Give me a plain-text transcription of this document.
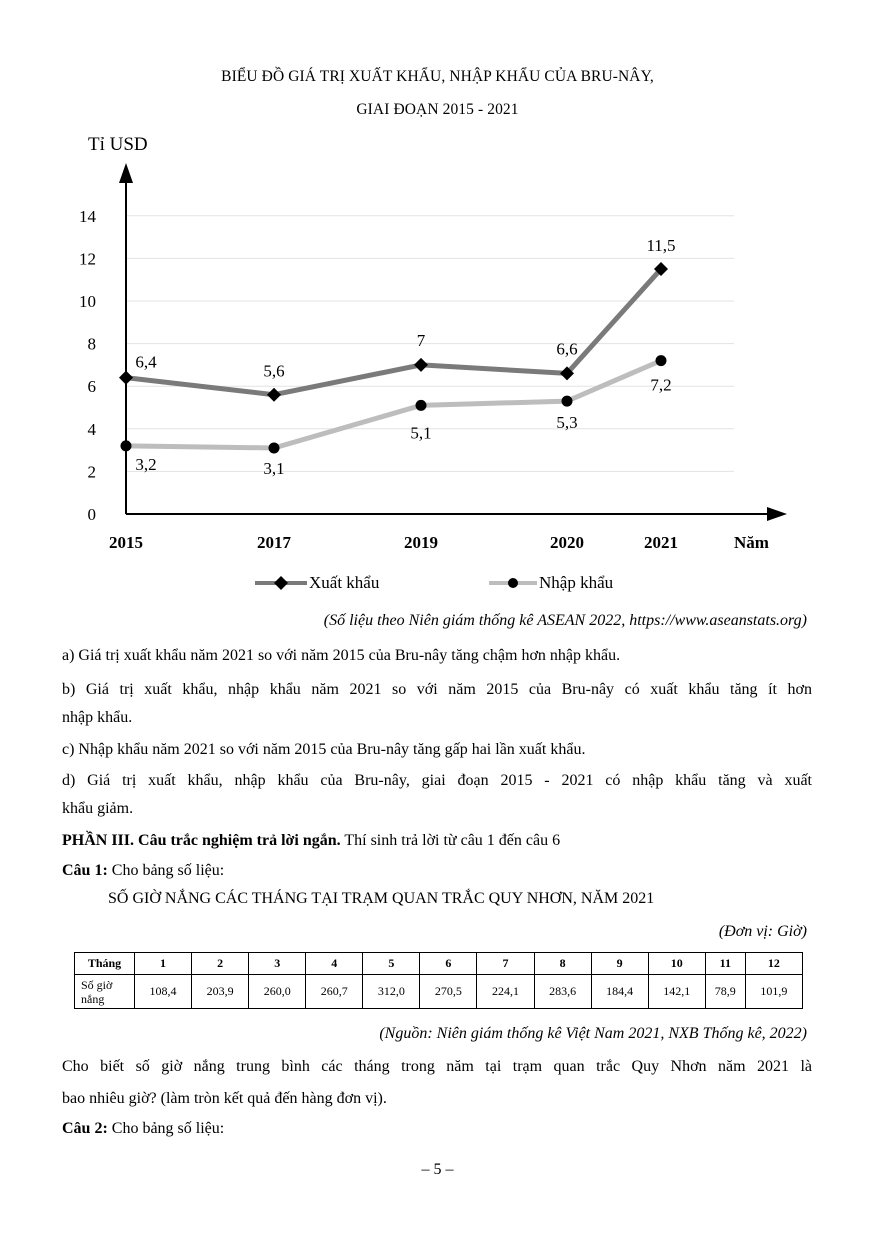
BIỂU ĐỒ GIÁ TRỊ XUẤT KHẨU, NHẬP KHẨU CỦA BRU-NÂY,
GIAI ĐOẠN 2015 - 2021
0
2
4
6
8
10
12
14
2015	2017	2019	2020	2021
6,4	5,6
7	6,6
11,5
3,2	3,1
5,1
5,3
7,2
Tỉ USD
Năm
Xuất khẩu	Nhập khẩu
(Số liệu theo Niên giám thống kê ASEAN 2022, https://www.aseanstats.org)
a) Giá trị xuất khẩu năm 2021 so với năm 2015 của Bru-nây tăng chậm hơn nhập khẩu.
b) Giá trị xuất khẩu, nhập khẩu năm 2021 so với năm 2015 của Bru-nây có xuất khẩu tăng ít hơn
nhập khẩu.
c) Nhập khẩu năm 2021 so với năm 2015 của Bru-nây tăng gấp hai lần xuất khẩu.
d) Giá trị xuất khẩu, nhập khẩu của Bru-nây, giai đoạn 2015 - 2021 có nhập khẩu tăng và xuất
khẩu giảm.
PHẦN III. Câu trắc nghiệm trả lời ngắn. Thí sinh trả lời từ câu 1 đến câu 6
Câu 1: Cho bảng số liệu:
SỐ GIỜ NẮNG CÁC THÁNG TẠI TRẠM QUAN TRẮC QUY NHƠN, NĂM 2021
(Đơn vị: Giờ)
Tháng	1	2	3	4	5	6	7	8	9	10	11	12
Số giờ nắng	108,4	203,9	260,0	260,7	312,0	270,5	224,1	283,6	184,4	142,1	78,9	101,9
(Nguồn: Niên giám thống kê Việt Nam 2021, NXB Thống kê, 2022)
Cho biết số giờ nắng trung bình các tháng trong năm tại trạm quan trắc Quy Nhơn năm 2021 là
bao nhiêu giờ? (làm tròn kết quả đến hàng đơn vị).
Câu 2: Cho bảng số liệu:
– 5 –
